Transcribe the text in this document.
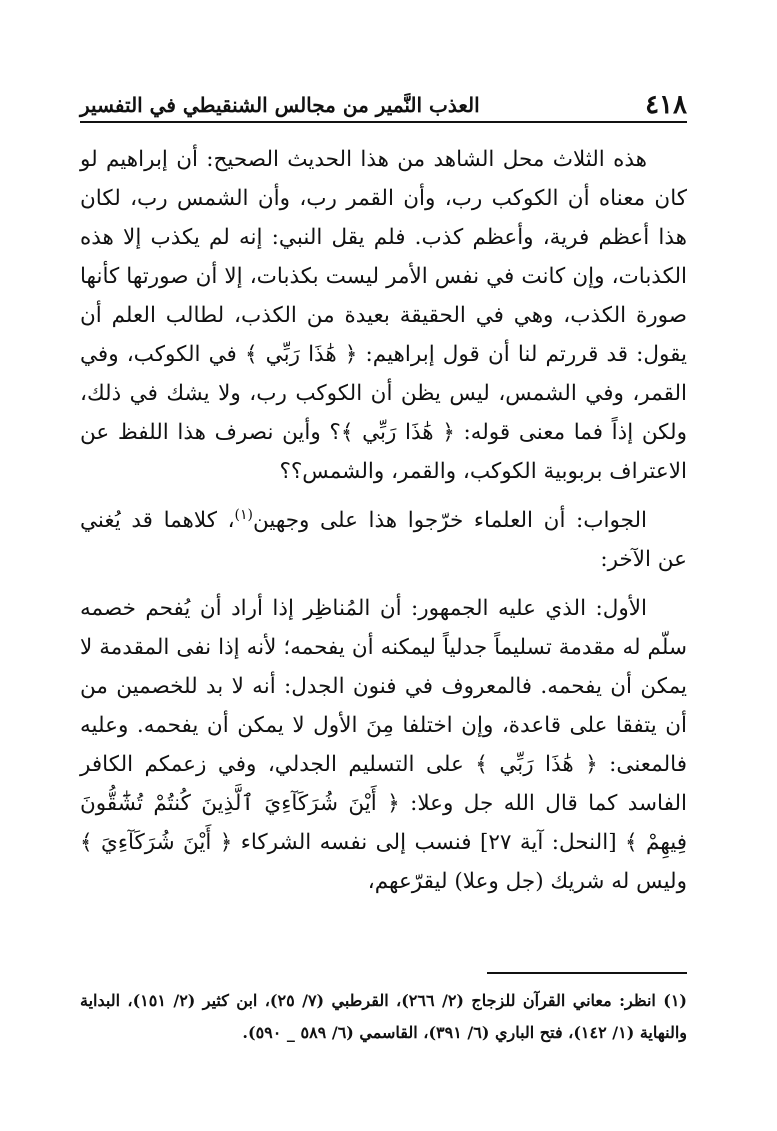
٤١٨
العذب النَّمير من مجالس الشنقيطي في التفسير

هذه الثلاث محل الشاهد من هذا الحديث الصحيح: أن إبراهيم لو كان معناه أن الكوكب رب، وأن القمر رب، وأن الشمس رب، لكان هذا أعظم فرية، وأعظم كذب. فلم يقل النبي: إنه لم يكذب إلا هذه الكذبات، وإن كانت في نفس الأمر ليست بكذبات، إلا أن صورتها كأنها صورة الكذب، وهي في الحقيقة بعيدة من الكذب، لطالب العلم أن يقول: قد قررتم لنا أن قول إبراهيم: ﴿ هَٰذَا رَبِّي ﴾ في الكوكب، وفي القمر، وفي الشمس، ليس يظن أن الكوكب رب، ولا يشك في ذلك، ولكن إذاً فما معنى قوله: ﴿ هَٰذَا رَبِّي ﴾؟ وأين نصرف هذا اللفظ عن الاعتراف بربوبية الكوكب، والقمر، والشمس؟؟

الجواب: أن العلماء خرّجوا هذا على وجهين$^{(١)}$، كلاهما قد يُغني عن الآخر:

الأول: الذي عليه الجمهور: أن المُناظِر إذا أراد أن يُفحم خصمه سلّم له مقدمة تسليماً جدلياً ليمكنه أن يفحمه؛ لأنه إذا نفى المقدمة لا يمكن أن يفحمه. فالمعروف في فنون الجدل: أنه لا بد للخصمين من أن يتفقا على قاعدة، وإن اختلفا مِنَ الأول لا يمكن أن يفحمه. وعليه فالمعنى: ﴿ هَٰذَا رَبِّي ﴾ على التسليم الجدلي، وفي زعمكم الكافر الفاسد كما قال الله جل وعلا: ﴿ أَيْنَ شُرَكَآءِيَ ٱلَّذِينَ كُنتُمْ تُشَٰٓقُّونَ فِيهِمْ ﴾ [النحل: آية ٢٧] فنسب إلى نفسه الشركاء ﴿ أَيْنَ شُرَكَآءِيَ ﴾ وليس له شريك (جل وعلا) ليقرّعهم،

(١) انظر: معاني القرآن للزجاج (٢/ ٢٦٦)، القرطبي (٧/ ٢٥)، ابن كثير (٢/ ١٥١)، البداية والنهاية (١/ ١٤٢)، فتح الباري (٦/ ٣٩١)، القاسمي (٦/ ٥٨٩ _ ٥٩٠).
